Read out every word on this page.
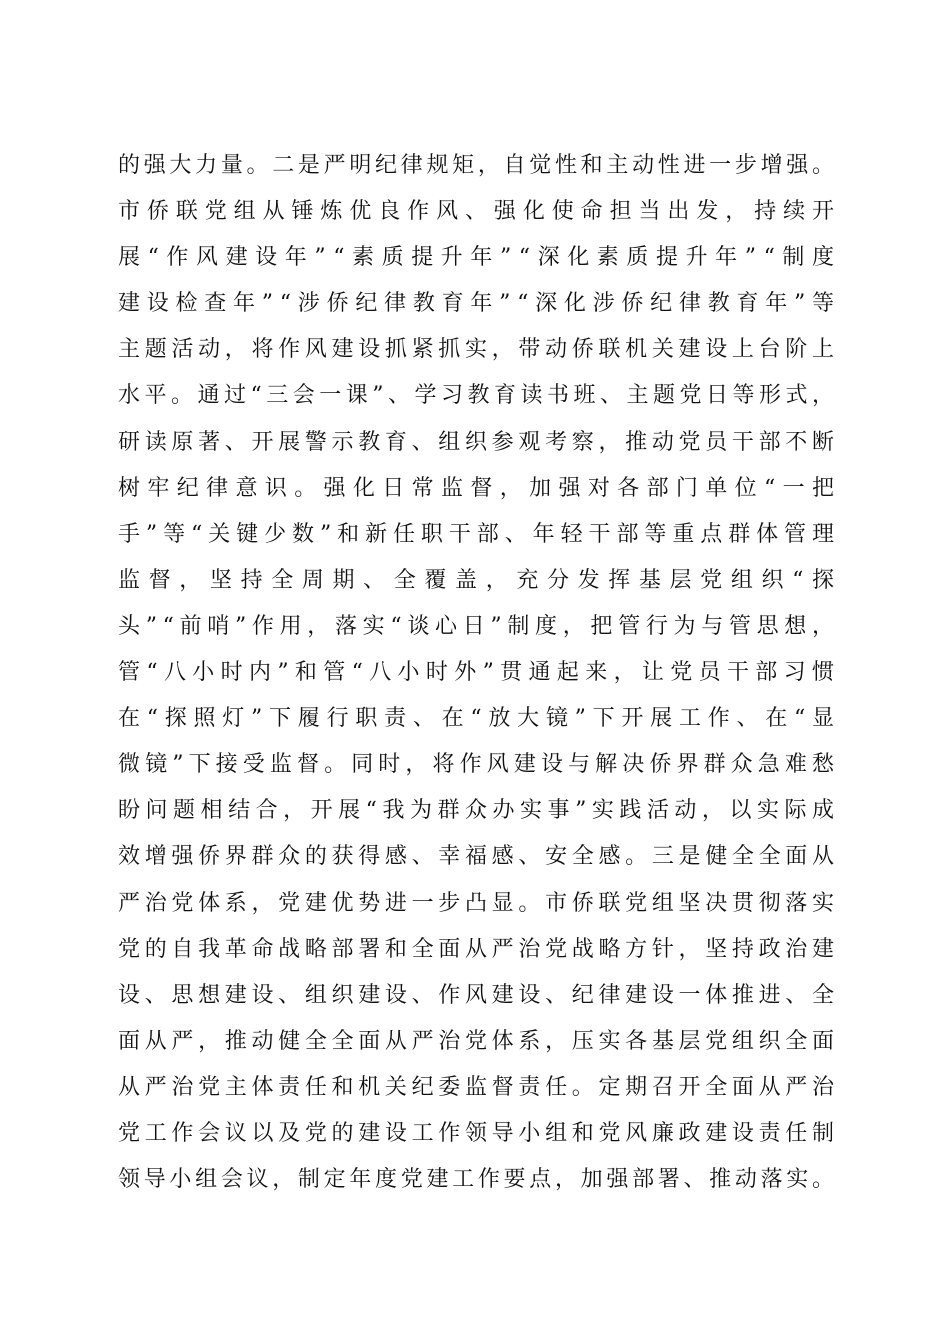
的强大力量。二是严明纪律规矩，自觉性和主动性进一步增强。
市侨联党组从锤炼优良作风、强化使命担当出发，持续开
展“作风建设年”“素质提升年”“深化素质提升年”“制度
建设检查年”“涉侨纪律教育年”“深化涉侨纪律教育年”等
主题活动，将作风建设抓紧抓实，带动侨联机关建设上台阶上
水平。通过“三会一课”、学习教育读书班、主题党日等形式，
研读原著、开展警示教育、组织参观考察，推动党员干部不断
树牢纪律意识。强化日常监督，加强对各部门单位“一把
手”等“关键少数”和新任职干部、年轻干部等重点群体管理
监督，坚持全周期、全覆盖，充分发挥基层党组织“探
头”“前哨”作用，落实“谈心日”制度，把管行为与管思想，
管“八小时内”和管“八小时外”贯通起来，让党员干部习惯
在“探照灯”下履行职责、在“放大镜”下开展工作、在“显
微镜”下接受监督。同时，将作风建设与解决侨界群众急难愁
盼问题相结合，开展“我为群众办实事”实践活动，以实际成
效增强侨界群众的获得感、幸福感、安全感。三是健全全面从
严治党体系，党建优势进一步凸显。市侨联党组坚决贯彻落实
党的自我革命战略部署和全面从严治党战略方针，坚持政治建
设、思想建设、组织建设、作风建设、纪律建设一体推进、全
面从严，推动健全全面从严治党体系，压实各基层党组织全面
从严治党主体责任和机关纪委监督责任。定期召开全面从严治
党工作会议以及党的建设工作领导小组和党风廉政建设责任制
领导小组会议，制定年度党建工作要点，加强部署、推动落实。
